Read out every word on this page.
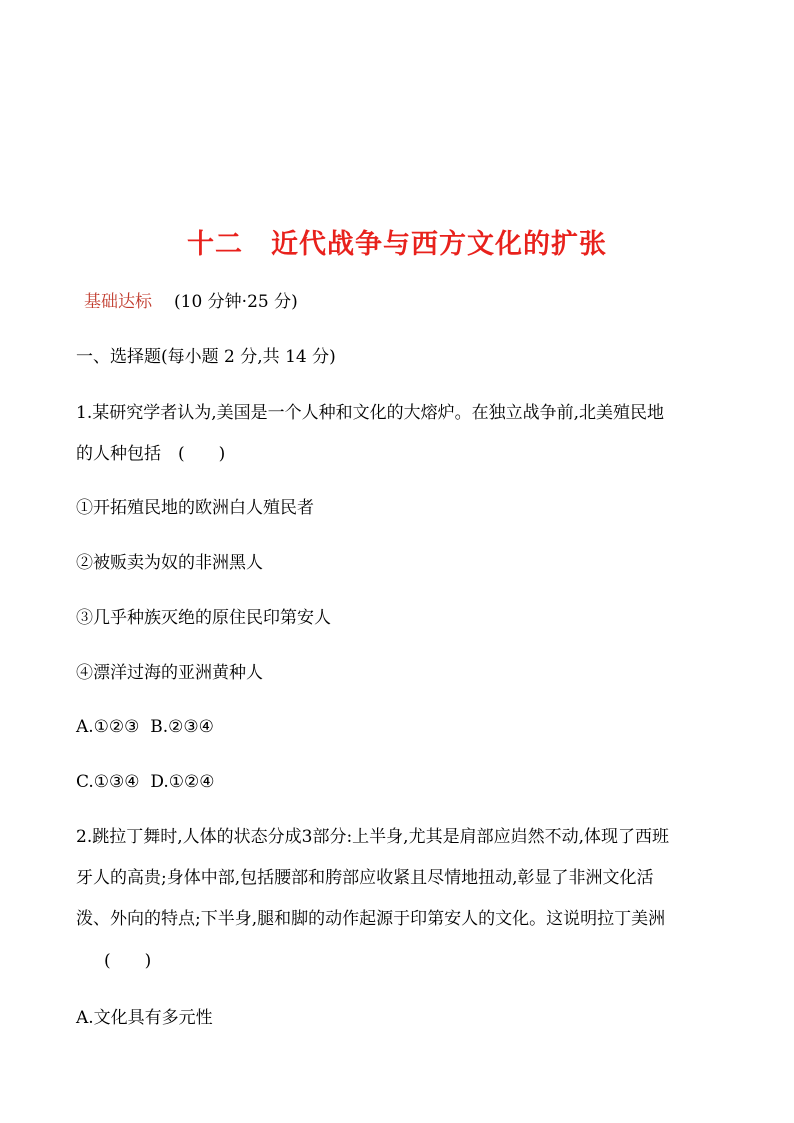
十二　近代战争与西方文化的扩张
基础达标 (10 分钟·25 分)
一、选择题(每小题 2 分,共 14 分)
1.某研究学者认为,美国是一个人种和文化的大熔炉。在独立战争前,北美殖民地
的人种包括　(　　)
①开拓殖民地的欧洲白人殖民者
②被贩卖为奴的非洲黑人
③几乎种族灭绝的原住民印第安人
④漂洋过海的亚洲黄种人
A.①②③  B.②③④
C.①③④  D.①②④
2.跳拉丁舞时,人体的状态分成3部分:上半身,尤其是肩部应岿然不动,体现了西班
牙人的高贵;身体中部,包括腰部和胯部应收紧且尽情地扭动,彰显了非洲文化活
泼、外向的特点;下半身,腿和脚的动作起源于印第安人的文化。这说明拉丁美洲
(　　)
A.文化具有多元性
